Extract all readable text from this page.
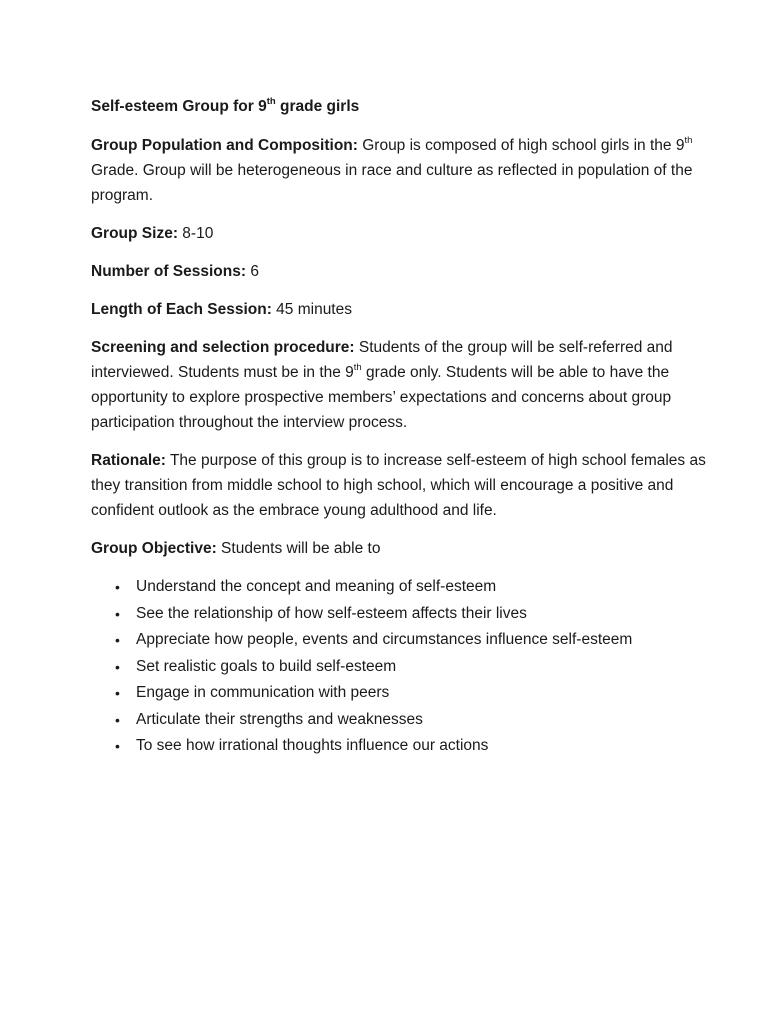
Self-esteem Group for 9th grade girls
Group Population and Composition: Group is composed of high school girls in the 9th Grade. Group will be heterogeneous in race and culture as reflected in population of the program.
Group Size: 8-10
Number of Sessions: 6
Length of Each Session: 45 minutes
Screening and selection procedure: Students of the group will be self-referred and interviewed. Students must be in the 9th grade only. Students will be able to have the opportunity to explore prospective members’ expectations and concerns about group participation throughout the interview process.
Rationale: The purpose of this group is to increase self-esteem of high school females as they transition from middle school to high school, which will encourage a positive and confident outlook as the embrace young adulthood and life.
Group Objective: Students will be able to
• Understand the concept and meaning of self-esteem
• See the relationship of how self-esteem affects their lives
• Appreciate how people, events and circumstances influence self-esteem
• Set realistic goals to build self-esteem
• Engage in communication with peers
• Articulate their strengths and weaknesses
• To see how irrational thoughts influence our actions
